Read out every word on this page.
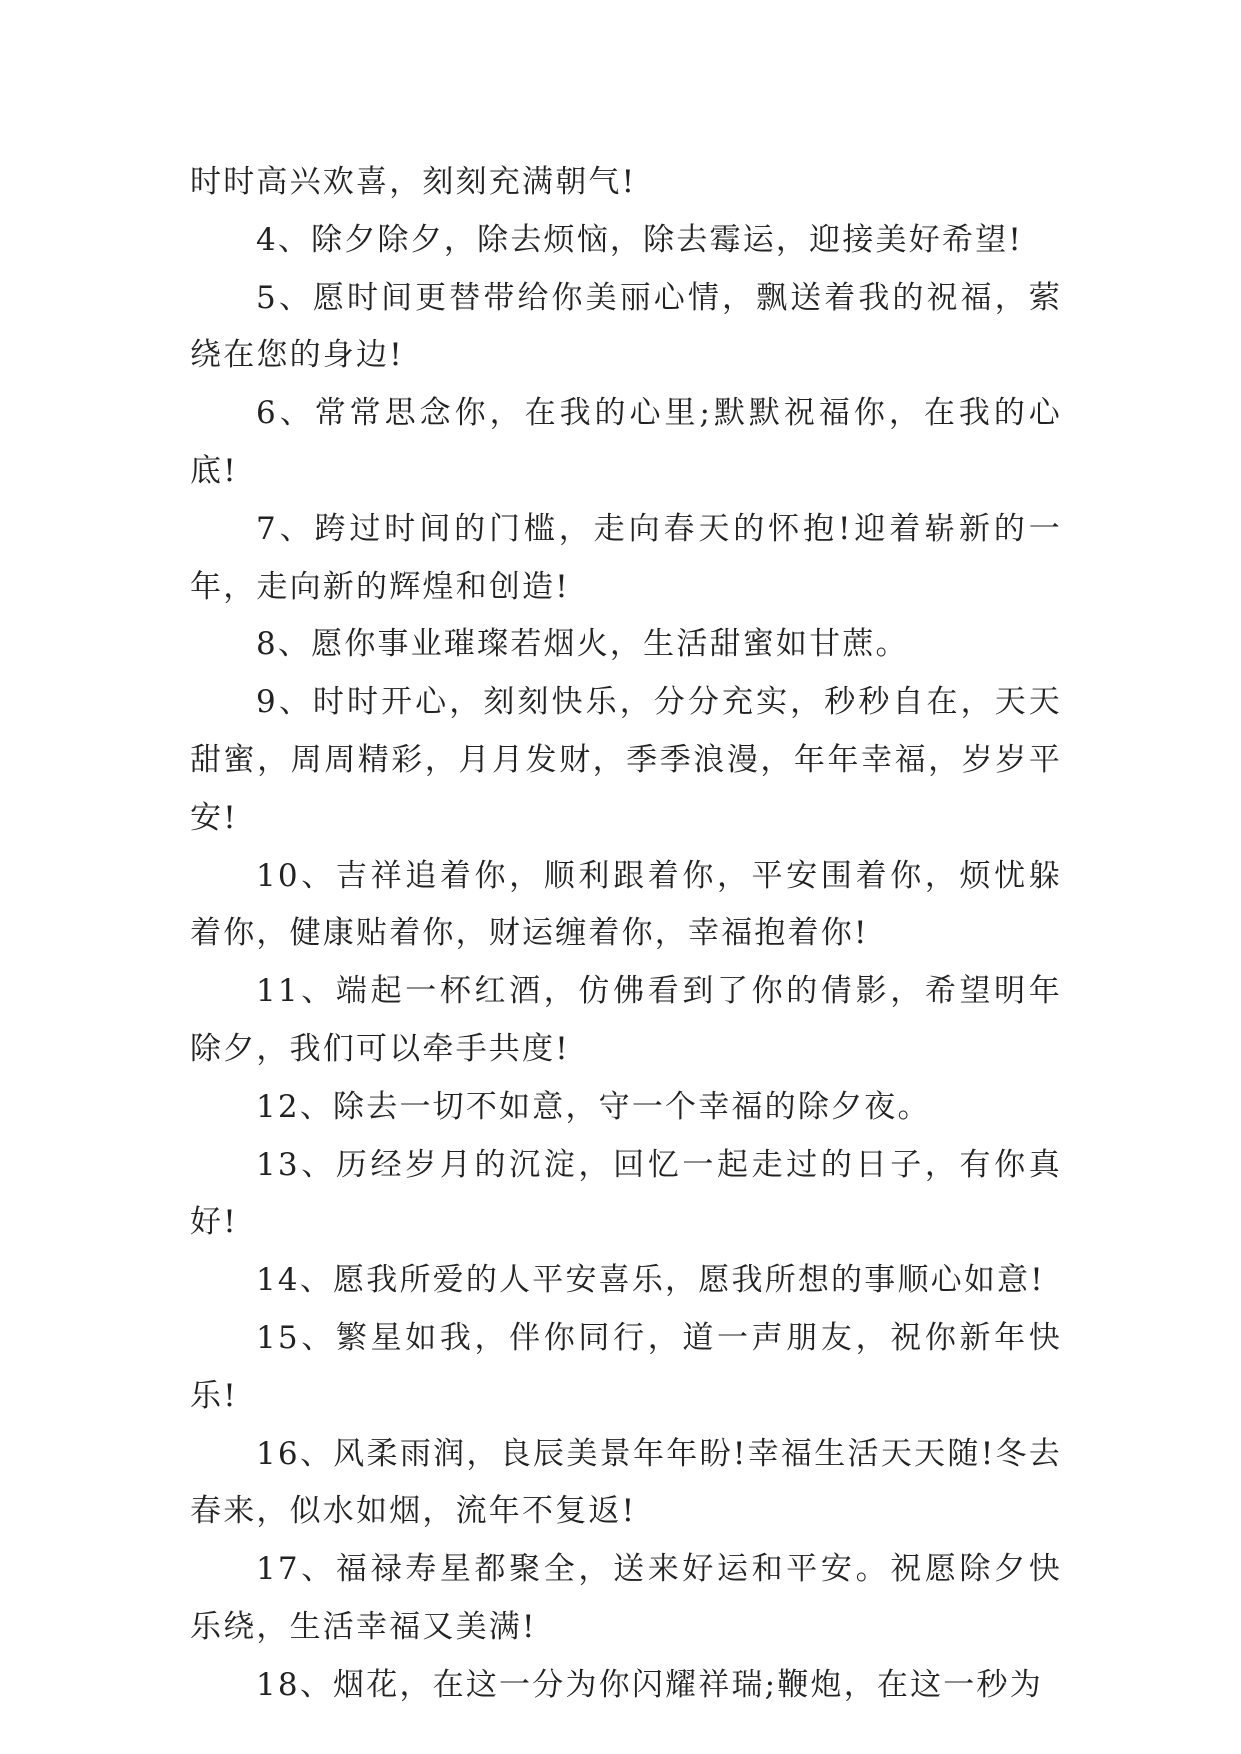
时时高兴欢喜，刻刻充满朝气!

4、除夕除夕，除去烦恼，除去霉运，迎接美好希望!

5、愿时间更替带给你美丽心情，飘送着我的祝福，萦绕在您的身边!

6、常常思念你，在我的心里;默默祝福你，在我的心底!

7、跨过时间的门槛，走向春天的怀抱!迎着崭新的一年，走向新的辉煌和创造!

8、愿你事业璀璨若烟火，生活甜蜜如甘蔗。

9、时时开心，刻刻快乐，分分充实，秒秒自在，天天甜蜜，周周精彩，月月发财，季季浪漫，年年幸福，岁岁平安!

10、吉祥追着你，顺利跟着你，平安围着你，烦忧躲着你，健康贴着你，财运缠着你，幸福抱着你!

11、端起一杯红酒，仿佛看到了你的倩影，希望明年除夕，我们可以牵手共度!

12、除去一切不如意，守一个幸福的除夕夜。

13、历经岁月的沉淀，回忆一起走过的日子，有你真好!

14、愿我所爱的人平安喜乐，愿我所想的事顺心如意!

15、繁星如我，伴你同行，道一声朋友，祝你新年快乐!

16、风柔雨润，良辰美景年年盼!幸福生活天天随!冬去春来，似水如烟，流年不复返!

17、福禄寿星都聚全，送来好运和平安。祝愿除夕快乐绕，生活幸福又美满!

18、烟花，在这一分为你闪耀祥瑞;鞭炮，在这一秒为
